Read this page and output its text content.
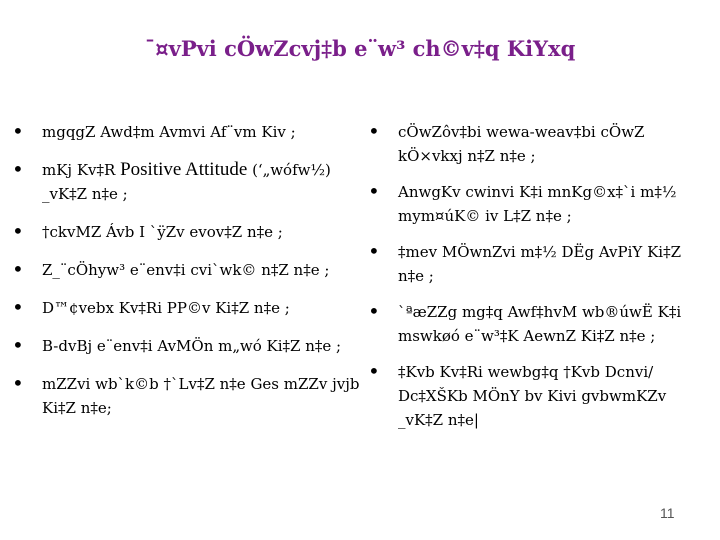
¯¤vPvi cÖwZcvj‡b e¨w³ ch©v‡q KiYxq
• mgqgZ Awd‡m Avmvi Af¨vm Kiv ;
• mKj Kv‡R Positive Attitude (‘„wófw½) _vK‡Z n‡e ;
• †ckvMZ Ávb I `ÿZv evov‡Z n‡e ;
• Z_¨cÖhyw³ e¨env‡i cvi`wk© n‡Z n‡e ;
• D™¢vebx Kv‡Ri PP©v Ki‡Z n‡e ;
• B-dvBj e¨env‡i AvMÖn m„wó Ki‡Z n‡e ;
• mZZvi wb`k©b †`Lv‡Z n‡e Ges mZZv jvjb Ki‡Z n‡e;
• cÖwZôv‡bi wewa-weav‡bi cÖwZ kÖ×vkxj n‡Z n‡e ;
• AnwgKv cwinvi K‡i mnKg©x‡`i m‡½ mym¤úK© iv L‡Z n‡e ;
• ‡mev MÖwnZvi m‡½ DËg AvPiY Ki‡Z n‡e ;
• `ªæZZg mg‡q Awf‡hvM wb®úwË K‡i mswkøó e¨w³‡K AewnZ Ki‡Z n‡e ;
• ‡Kvb Kv‡Ri wewbg‡q †Kvb Dcnvi/ Dc‡XŠKb MÖnY bv Kivi gvbwmKZv _vK‡Z n‡e|
11
